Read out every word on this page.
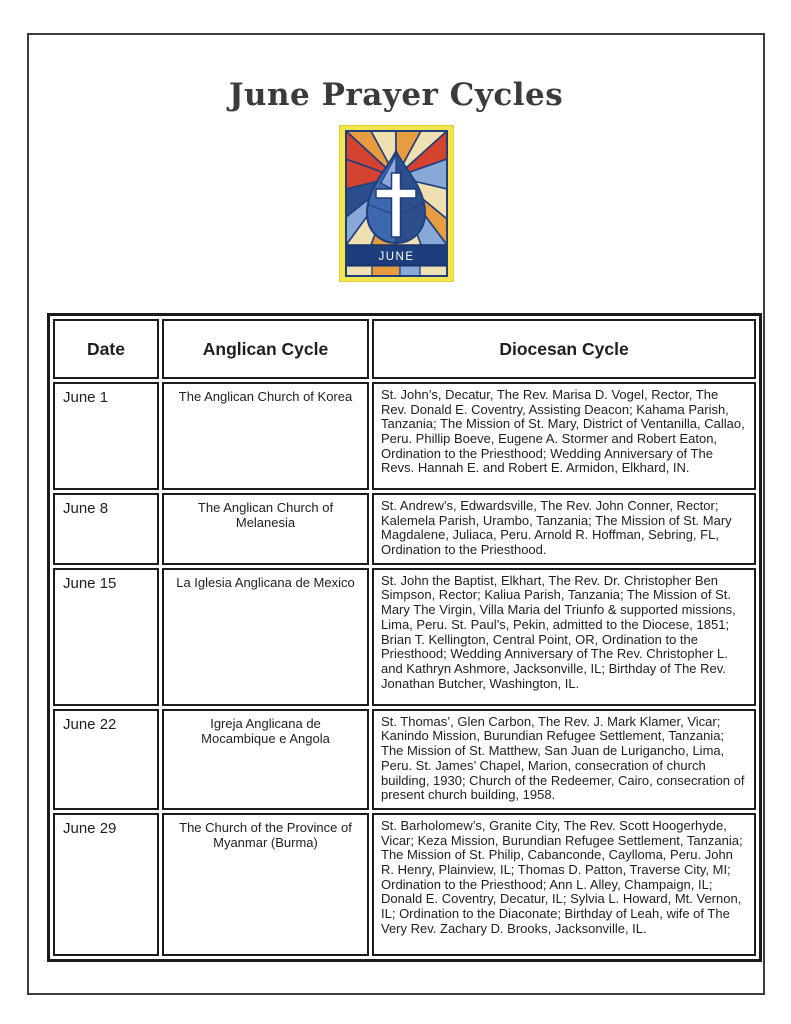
June Prayer Cycles
JUNE
Date	Anglican Cycle	Diocesan Cycle
June 1	The Anglican Church of Korea	St. John’s, Decatur, The Rev. Marisa D. Vogel, Rector, The Rev. Donald E. Coventry, Assisting Deacon; Kahama Parish, Tanzania; The Mission of St. Mary, District of Ventanilla, Callao, Peru. Phillip Boeve, Eugene A. Stormer and Robert Eaton, Ordination to the Priesthood; Wedding Anniversary of The Revs. Hannah E. and Robert E. Armidon, Elkhard, IN.
June 8	The Anglican Church of Melanesia	St. Andrew’s, Edwardsville, The Rev. John Conner, Rector; Kalemela Parish, Urambo, Tanzania; The Mission of St. Mary Magdalene, Juliaca, Peru. Arnold R. Hoffman, Sebring, FL, Ordination to the Priesthood.
June 15	La Iglesia Anglicana de Mexico	St. John the Baptist, Elkhart, The Rev. Dr. Christopher Ben Simpson, Rector; Kaliua Parish, Tanzania; The Mission of St. Mary The Virgin, Villa Maria del Triunfo & supported missions, Lima, Peru. St. Paul’s, Pekin, admitted to the Diocese, 1851; Brian T. Kellington, Central Point, OR, Ordination to the Priesthood; Wedding Anniversary of The Rev. Christopher L. and Kathryn Ashmore, Jacksonville, IL; Birthday of The Rev. Jonathan Butcher, Washington, IL.
June 22	Igreja Anglicana de Mocambique e Angola	St. Thomas’, Glen Carbon, The Rev. J. Mark Klamer, Vicar; Kanindo Mission, Burundian Refugee Settlement, Tanzania; The Mission of St. Matthew, San Juan de Lurigancho, Lima, Peru. St. James’ Chapel, Marion, consecration of church building, 1930; Church of the Redeemer, Cairo, consecration of present church building, 1958.
June 29	The Church of the Province of Myanmar (Burma)	St. Barholomew’s, Granite City, The Rev. Scott Hoogerhyde, Vicar; Keza Mission, Burundian Refugee Settlement, Tanzania; The Mission of St. Philip, Cabanconde, Caylloma, Peru. John R. Henry, Plainview, IL; Thomas D. Patton, Traverse City, MI; Ordination to the Priesthood; Ann L. Alley, Champaign, IL; Donald E. Coventry, Decatur, IL; Sylvia L. Howard, Mt. Vernon, IL; Ordination to the Diaconate; Birthday of Leah, wife of The Very Rev. Zachary D. Brooks, Jacksonville, IL.
